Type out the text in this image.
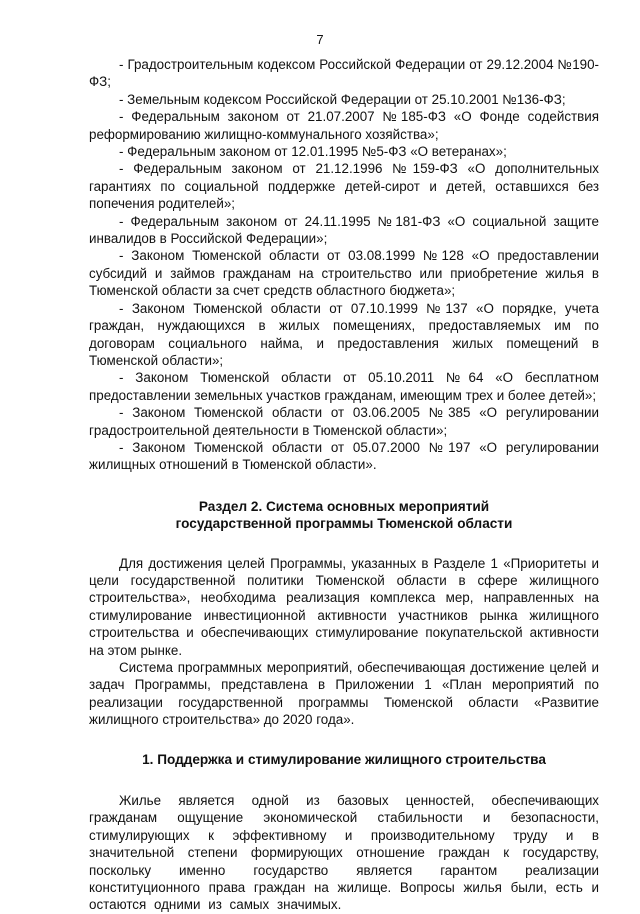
7

- Градостроительным кодексом Российской Федерации от 29.12.2004 №190-ФЗ;

- Земельным кодексом Российской Федерации от 25.10.2001 №136-ФЗ;

- Федеральным законом от 21.07.2007 №185-ФЗ «О Фонде содействия реформированию жилищно-коммунального хозяйства»;

- Федеральным законом от 12.01.1995 №5-ФЗ «О ветеранах»;

- Федеральным законом от 21.12.1996 №159-ФЗ «О дополнительных гарантиях по социальной поддержке детей-сирот и детей, оставшихся без попечения родителей»;

- Федеральным законом от 24.11.1995 №181-ФЗ «О социальной защите инвалидов в Российской Федерации»;

- Законом Тюменской области от 03.08.1999 №128 «О предоставлении субсидий и займов гражданам на строительство или приобретение жилья в Тюменской области за счет средств областного бюджета»;

- Законом Тюменской области от 07.10.1999 №137 «О порядке, учета граждан, нуждающихся в жилых помещениях, предоставляемых им по договорам социального найма, и предоставления жилых помещений в Тюменской области»;

- Законом Тюменской области от 05.10.2011 №64 «О бесплатном предоставлении земельных участков гражданам, имеющим трех и более детей»;

- Законом Тюменской области от 03.06.2005 №385 «О регулировании градостроительной деятельности в Тюменской области»;

- Законом Тюменской области от 05.07.2000 №197 «О регулировании жилищных отношений в Тюменской области».

Раздел 2. Система основных мероприятий
государственной программы Тюменской области

Для достижения целей Программы, указанных в Разделе 1 «Приоритеты и цели государственной политики Тюменской области в сфере жилищного строительства», необходима реализация комплекса мер, направленных на стимулирование инвестиционной активности участников рынка жилищного строительства и обеспечивающих стимулирование покупательской активности на этом рынке.

Система программных мероприятий, обеспечивающая достижение целей и задач Программы, представлена в Приложении 1 «План мероприятий по реализации государственной программы Тюменской области «Развитие жилищного строительства» до 2020 года».

1. Поддержка и стимулирование жилищного строительства

Жилье является одной из базовых ценностей, обеспечивающих гражданам ощущение экономической стабильности и безопасности, стимулирующих к эффективному и производительному труду и в значительной степени формирующих отношение граждан к государству, поскольку именно государство является гарантом реализации конституционного права граждан на жилище. Вопросы жилья были, есть и остаются одними из самых значимых.
